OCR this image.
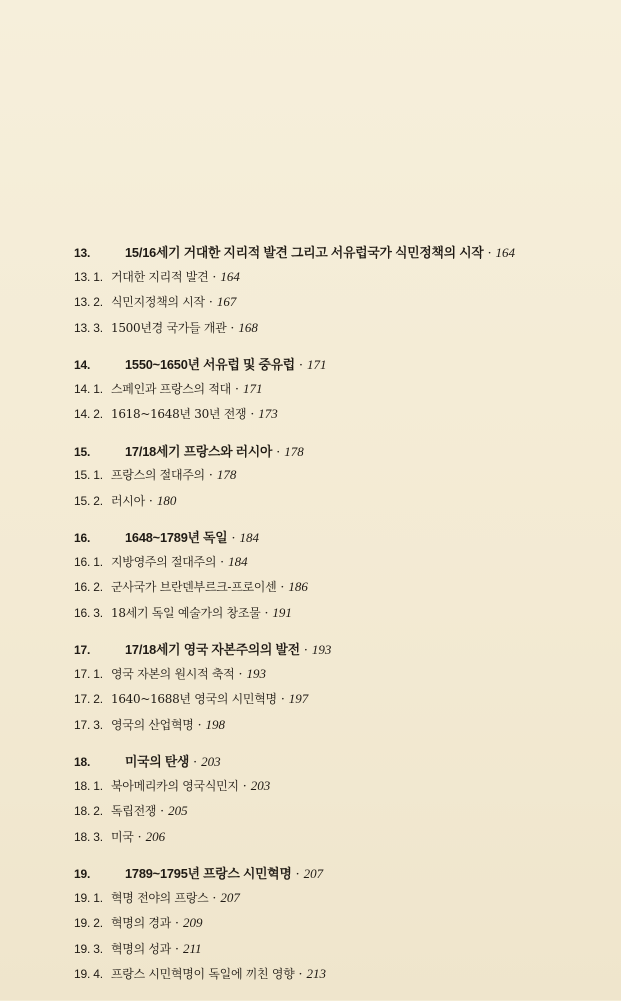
13.	15/16세기 거대한 지리적 발견 그리고 서유럽국가 식민정책의 시작 · 164
13. 1. 거대한 지리적 발견 · 164
13. 2. 식민지정책의 시작 · 167
13. 3. 1500년경 국가들 개관 · 168
14.	1550~1650년 서유럽 및 중유럽 · 171
14. 1. 스페인과 프랑스의 적대 · 171
14. 2. 1618~1648년 30년 전쟁 · 173
15.	17/18세기 프랑스와 러시아 · 178
15. 1. 프랑스의 절대주의 · 178
15. 2. 러시아 · 180
16.	1648~1789년 독일 · 184
16. 1. 지방영주의 절대주의 · 184
16. 2. 군사국가 브란덴부르크-프로이센 · 186
16. 3. 18세기 독일 예술가의 창조물 · 191
17.	17/18세기 영국 자본주의의 발전 · 193
17. 1. 영국 자본의 원시적 축적 · 193
17. 2. 1640~1688년 영국의 시민혁명 · 197
17. 3. 영국의 산업혁명 · 198
18.	미국의 탄생 · 203
18. 1. 북아메리카의 영국식민지 · 203
18. 2. 독립전쟁 · 205
18. 3. 미국 · 206
19.	1789~1795년 프랑스 시민혁명 · 207
19. 1. 혁명 전야의 프랑스 · 207
19. 2. 혁명의 경과 · 209
19. 3. 혁명의 성과 · 211
19. 4. 프랑스 시민혁명이 독일에 끼친 영향 · 213
